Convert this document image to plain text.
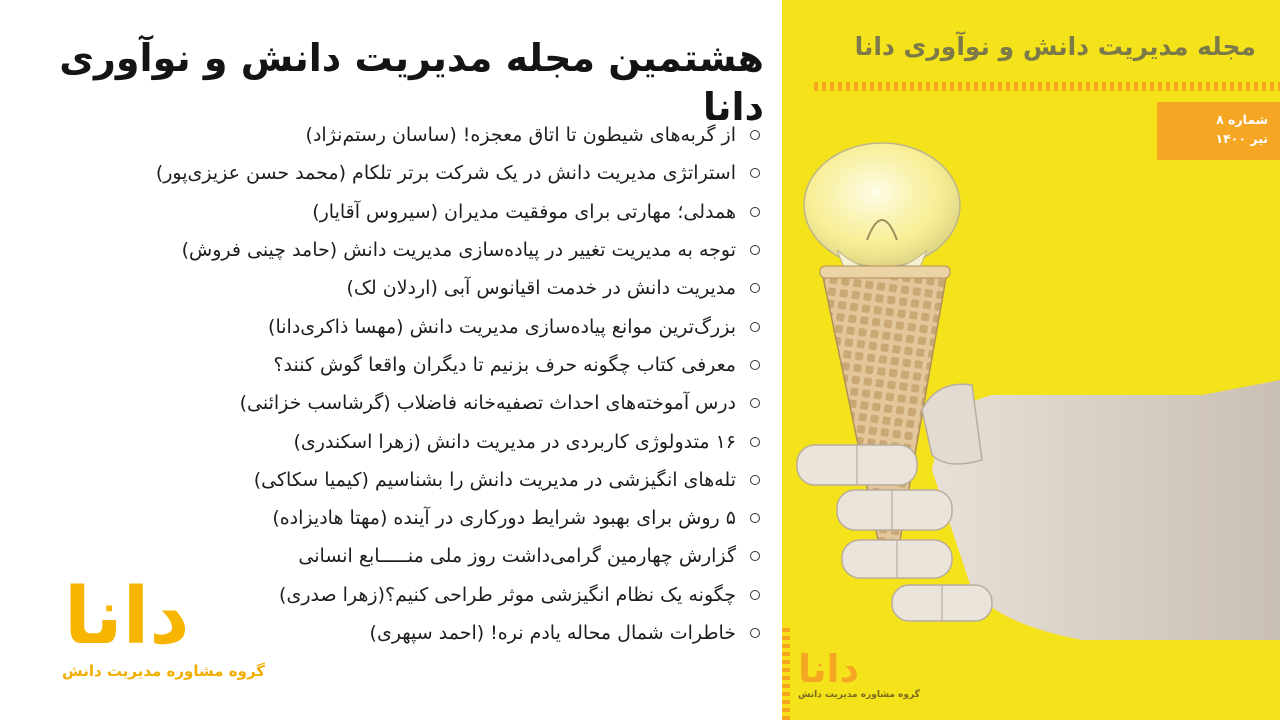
هشتمین مجله مدیریت دانش و نوآوری دانا
از گربه‌های شیطون تا اتاق معجزه! (ساسان رستم‌نژاد)
استراتژی مدیریت دانش در یک شرکت برتر تلکام (محمد حسن عزیزی‌پور)
همدلی؛ مهارتی برای موفقیت مدیران (سیروس آقایار)
توجه به مدیریت تغییر در پیاده‌سازی مدیریت دانش (حامد چینی فروش)
مدیریت دانش در خدمت اقیانوس آبی (اردلان لک)
بزرگ‌ترین موانع پیاده‌سازی مدیریت دانش (مهسا ذاکری‌دانا)
معرفی کتاب چگونه حرف بزنیم تا دیگران واقعا گوش کنند؟
درس آموخته‌های احداث تصفیه‌خانه فاضلاب (گرشاسب خزائنی)
۱۶ متدولوژی کاربردی در مدیریت دانش (زهرا اسکندری)
تله‌های انگیزشی در مدیریت دانش را بشناسیم (کیمیا سکاکی)
۵ روش برای بهبود شرایط دورکاری در آینده (مهتا هادیزاده)
گزارش چهارمین گرامی‌داشت روز ملی منـــــابع انسانی
چگونه یک نظام انگیزشی موثر طراحی کنیم؟(زهرا صدری)
خاطرات شمال محاله یادم نره! (احمد سپهری)
دانا
گروه مشاوره مدیریت دانش
مجله مدیریت دانش و نوآوری دانا
شماره ۸
تیر ۱۴۰۰
دانا
گروه مشاوره مدیریت دانش
